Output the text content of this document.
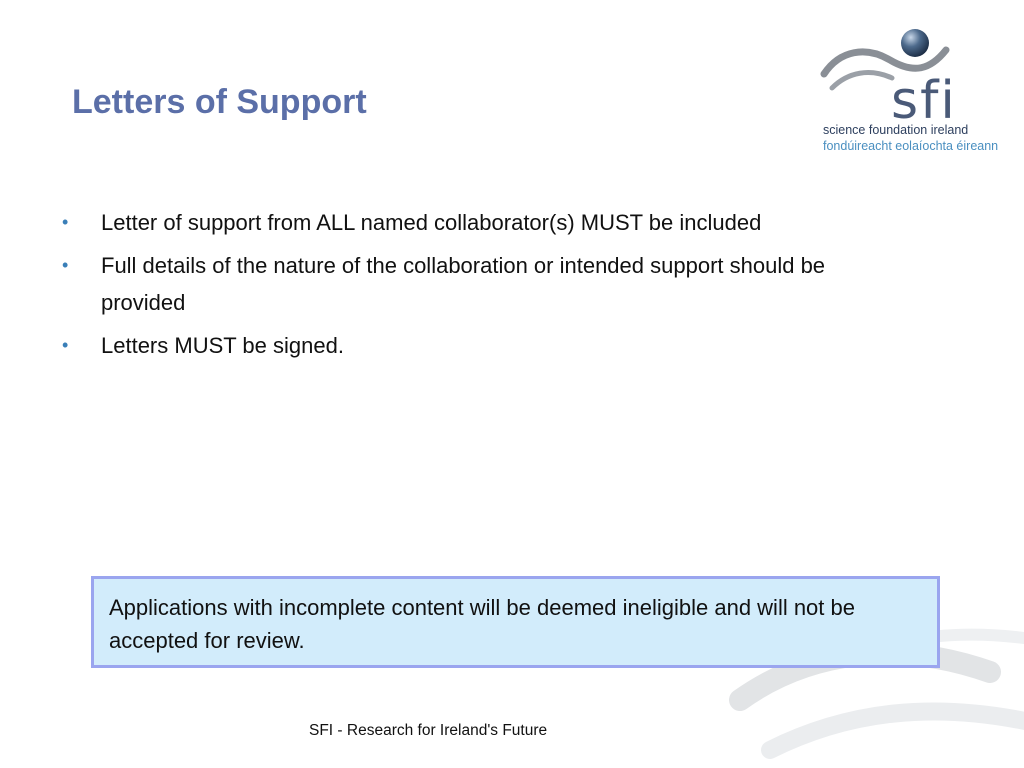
Letters of Support	sfi
science foundation ireland
fondúireacht eolaíochta éireann
• Letter of support from ALL named collaborator(s) MUST be included
• Full details of the nature of the collaboration or intended support should be provided
• Letters MUST be signed.
Applications with incomplete content will be deemed ineligible and will not be accepted for review.
SFI - Research for Ireland's Future
